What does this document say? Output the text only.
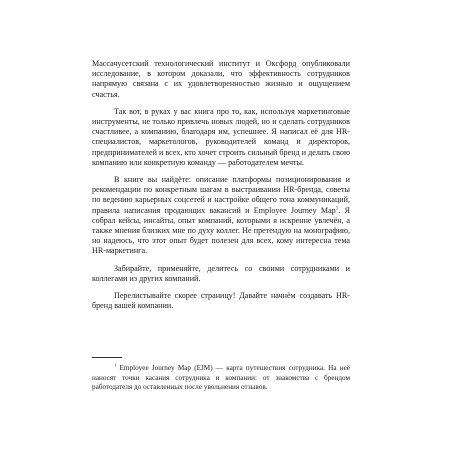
Массачусетский технологический институт и Оксфорд опубликовали исследование, в котором доказали, что эффективность сотрудников напрямую связана с их удовлетворенностью жизнью и ощущением счастья.

Так вот, в руках у вас книга про то, как, используя маркетинговые инструменты, не только привлечь новых людей, но и сделать сотрудников счастливее, а компанию, благодаря им, успешнее. Я написал её для HR-специалистов, маркетологов, руководителей команд и директоров, предпринимателей и всех, кто хочет строить сильный бренд и делать свою компанию или конкретную команду — работодателем мечты.

В книге вы найдёте: описание платформы позиционирования и рекомендации по конкретным шагам в выстраивании HR-бренда, советы по ведению карьерных соцсетей и настройке общего тона коммуникаций, правила написания продающих вакансий и Employee Journey Map$^1$. Я собрал кейсы, инсайты, опыт компаний, которыми я искренне увлечён, а также мнения близких мне по духу коллег. Не претендую на монографию, но надеюсь, что этот опыт будет полезен для всех, кому интересна тема HR-маркетинга.

Забирайте, применяйте, делитесь со своими сотрудниками и коллегами из других компаний.

Перелистывайте скорее страницу! Давайте начнём создавать HR-бренд вашей компании.

$^1$ Employee Journey Map (EJM) — карта путешествия сотрудника. На неё наносят точки касания сотрудника и компании: от знакомства с брендом работодателя до оставленных после увольнения отзывов.
